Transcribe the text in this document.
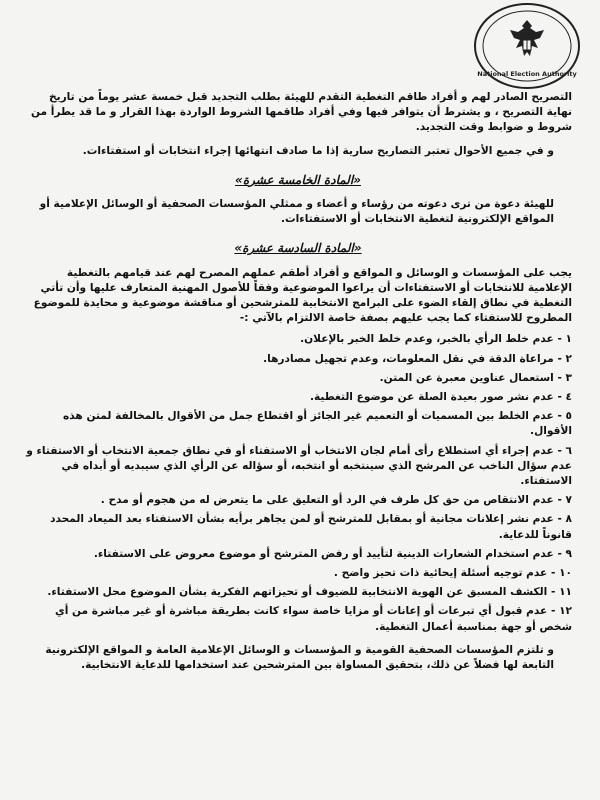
National Election Authority

التصريح الصادر لهم و أفراد طاقم التغطية التقدم للهيئة بطلب التجديد قبل خمسة عشر يوماً من تاريخ نهاية التصريح ، و يشترط أن يتوافر فيها وفي أفراد طاقمها الشروط الواردة بهذا القرار و ما قد يطرأ من شروط و ضوابط وقت التجديد.

و في جميع الأحوال تعتبر التصاريح سارية إذا ما صادف انتهائها إجراء انتخابات أو استفتاءات.

«المادة الخامسة عشرة»

للهيئة دعوة من ترى دعوته من رؤساء و أعضاء و ممثلي المؤسسات الصحفية أو الوسائل الإعلامية أو المواقع الإلكترونية لتغطية الانتخابات أو الاستفتاءات.

«المادة السادسة عشرة»

يجب على المؤسسات و الوسائل و المواقع و أفراد أطقم عملهم المصرح لهم عند قيامهم بالتغطية الإعلامية للانتخابات أو الاستفتاءات أن يراعوا الموضوعية وفقاً للأصول المهنية المتعارف عليها وأن تأتي التغطية في نطاق إلقاء الضوء على البرامج الانتخابية للمترشحين أو مناقشة موضوعية و محايدة للموضوع المطروح للاستفتاء كما يجب عليهم بصفة خاصة الالتزام بالآتي :-

١ - عدم خلط الرأي بالخبر، وعدم خلط الخبر بالإعلان.
٢ - مراعاة الدقة في نقل المعلومات، وعدم تجهيل مصادرها.
٣ - استعمال عناوين معبرة عن المتن.
٤ - عدم نشر صور بعيدة الصلة عن موضوع التغطية.
٥ - عدم الخلط بين المسميات أو التعميم غير الجائز أو اقتطاع جمل من الأقوال بالمخالفة لمتن هذه الأقوال.
٦ - عدم إجراء أي استطلاع رأى أمام لجان الانتخاب أو الاستفتاء أو في نطاق جمعية الانتخاب أو الاستفتاء و عدم سؤال الناخب عن المرشح الذي سينتخبه أو انتخبه، أو سؤاله عن الرأي الذي سيبديه أو أبداه في الاستفتاء.
٧ - عدم الانتقاص من حق كل طرف في الرد أو التعليق على ما يتعرض له من هجوم أو مدح .
٨ - عدم نشر إعلانات مجانية أو بمقابل للمترشح أو لمن يجاهر برأيه بشأن الاستفتاء بعد الميعاد المحدد قانوناً للدعاية.
٩ - عدم استخدام الشعارات الدينية لتأييد أو رفض المترشح أو موضوع معروض على الاستفتاء.
١٠ - عدم توجيه أسئلة إيحائية ذات تحيز واضح .
١١ - الكشف المسبق عن الهوية الانتخابية للضيوف أو تحيزاتهم الفكرية بشأن الموضوع محل الاستفتاء.
١٢ - عدم قبول أي تبرعات أو إعانات أو مزايا خاصة سواء كانت بطريقة مباشرة أو غير مباشرة من أي شخص أو جهة بمناسبة أعمال التغطية.

و تلتزم المؤسسات الصحفية القومية و المؤسسات و الوسائل الإعلامية العامة و المواقع الإلكترونية التابعة لها فضلاً عن ذلك، بتحقيق المساواة بين المترشحين عند استخدامها للدعاية الانتخابية.
